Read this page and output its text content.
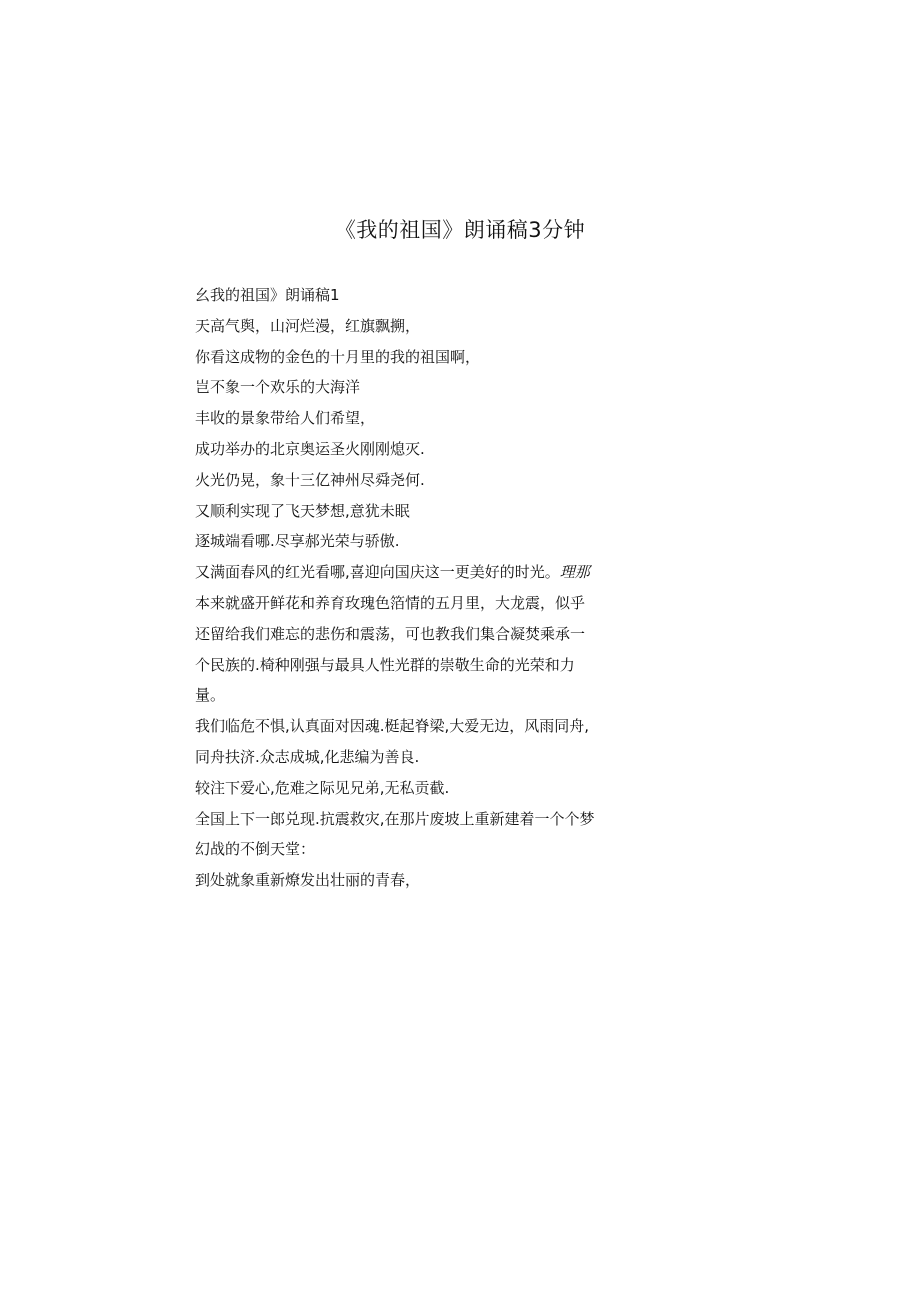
《我的祖国》朗诵稿3分钟

幺我的祖国》朗诵稿1

天高气舆，山河烂漫，红旗飘搠，

你看这成物的金色的十月里的我的祖国啊，

岂不象一个欢乐的大海洋

丰收的景象带给人们希望，

成功举办的北京奥运圣火刚刚熄灭.

火光仍晃，象十三亿神州尽舜尧何.

又顺利实现了飞天梦想,意犹未眠

逐城端看哪.尽享郝光荣与骄傲.

又满面春风的红光看哪,喜迎向国庆这一更美好的时光。理那

本来就盛开鲜花和养育玫瑰色箔情的五月里，大龙震，似乎

还留给我们难忘的悲伤和震荡，可也教我们集合凝焚乘承一

个民族的.椅种刚强与最具人性光群的崇敬生命的光荣和力

量。

我们临危不惧,认真面对因魂.梃起脊梁,大爱无边，风雨同舟,

同舟扶济.众志成城,化悲编为善良.

较注下爱心,危难之际见兄弟,无私贡截.

全国上下一郎兑现.抗震救灾,在那片废坡上重新建着一个个梦

幻战的不倒天堂：

到处就象重新燎发出壮丽的青春，
